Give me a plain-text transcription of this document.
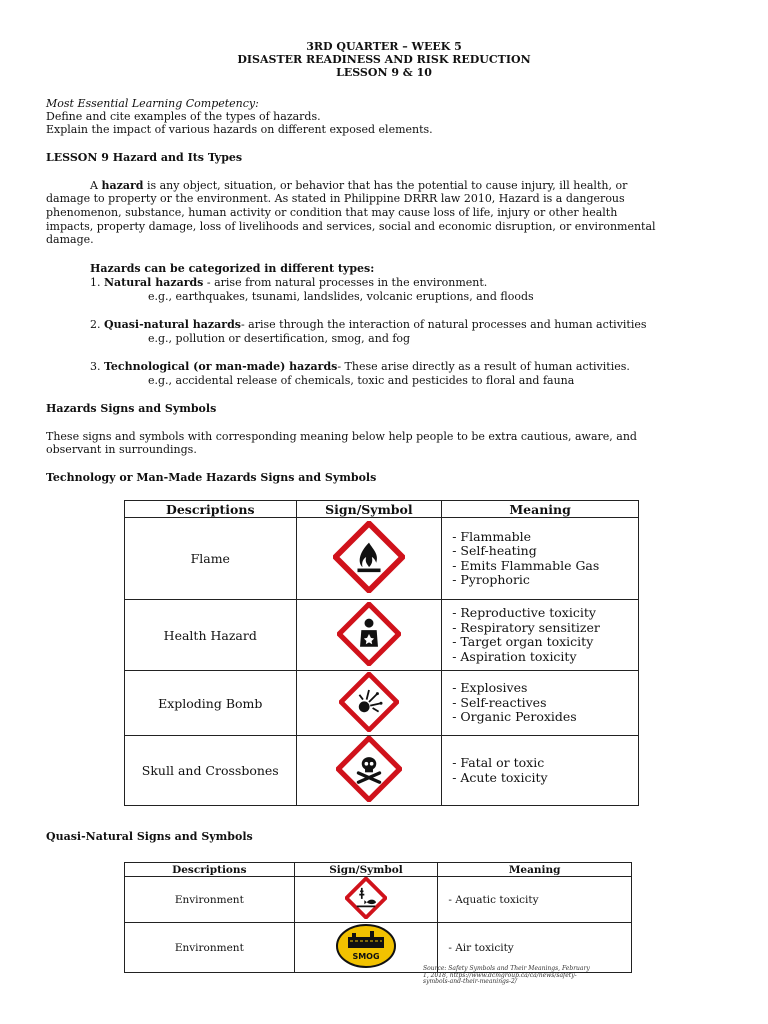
3RD QUARTER – WEEK 5
DISASTER READINESS AND RISK REDUCTION
LESSON 9 & 10
Most Essential Learning Competency:
Define and cite examples of the types of hazards.
Explain the impact of various hazards on different exposed elements.
LESSON 9 Hazard and Its Types
A hazard is any object, situation, or behavior that has the potential to cause injury, ill health, or
damage to property or the environment. As stated in Philippine DRRR law 2010, Hazard is a dangerous
phenomenon, substance, human activity or condition that may cause loss of life, injury or other health
impacts, property damage, loss of livelihoods and services, social and economic disruption, or environmental
damage.
Hazards can be categorized in different types:
1. Natural hazards - arise from natural processes in the environment.
e.g., earthquakes, tsunami, landslides, volcanic eruptions, and floods
2. Quasi-natural hazards- arise through the interaction of natural processes and human activities
e.g., pollution or desertification, smog, and fog
3. Technological (or man-made) hazards- These arise directly as a result of human activities.
e.g., accidental release of chemicals, toxic and pesticides to floral and fauna
Hazards Signs and Symbols
These signs and symbols with corresponding meaning below help people to be extra cautious, aware, and
observant in surroundings.
Technology or Man-Made Hazards Signs and Symbols
Descriptions	Sign/Symbol	Meaning
Flame		- Flammable
- Self-heating
- Emits Flammable Gas
- Pyrophoric

Health Hazard		- Reproductive toxicity
- Respiratory sensitizer
- Target organ toxicity
- Aspiration toxicity

Exploding Bomb		- Explosives
- Self-reactives
- Organic Peroxides

Skull and Crossbones		- Fatal or toxic
- Acute toxicity
Quasi-Natural Signs and Symbols
Descriptions	Sign/Symbol	Meaning
Environment		- Aquatic toxicity

Environment	SMOG	- Air toxicity
Source: Safety Symbols and Their Meanings, February
1, 2018, https://www.dcmgroup.ca/ca/news/safety-
symbols-and-their-meanings-2/
